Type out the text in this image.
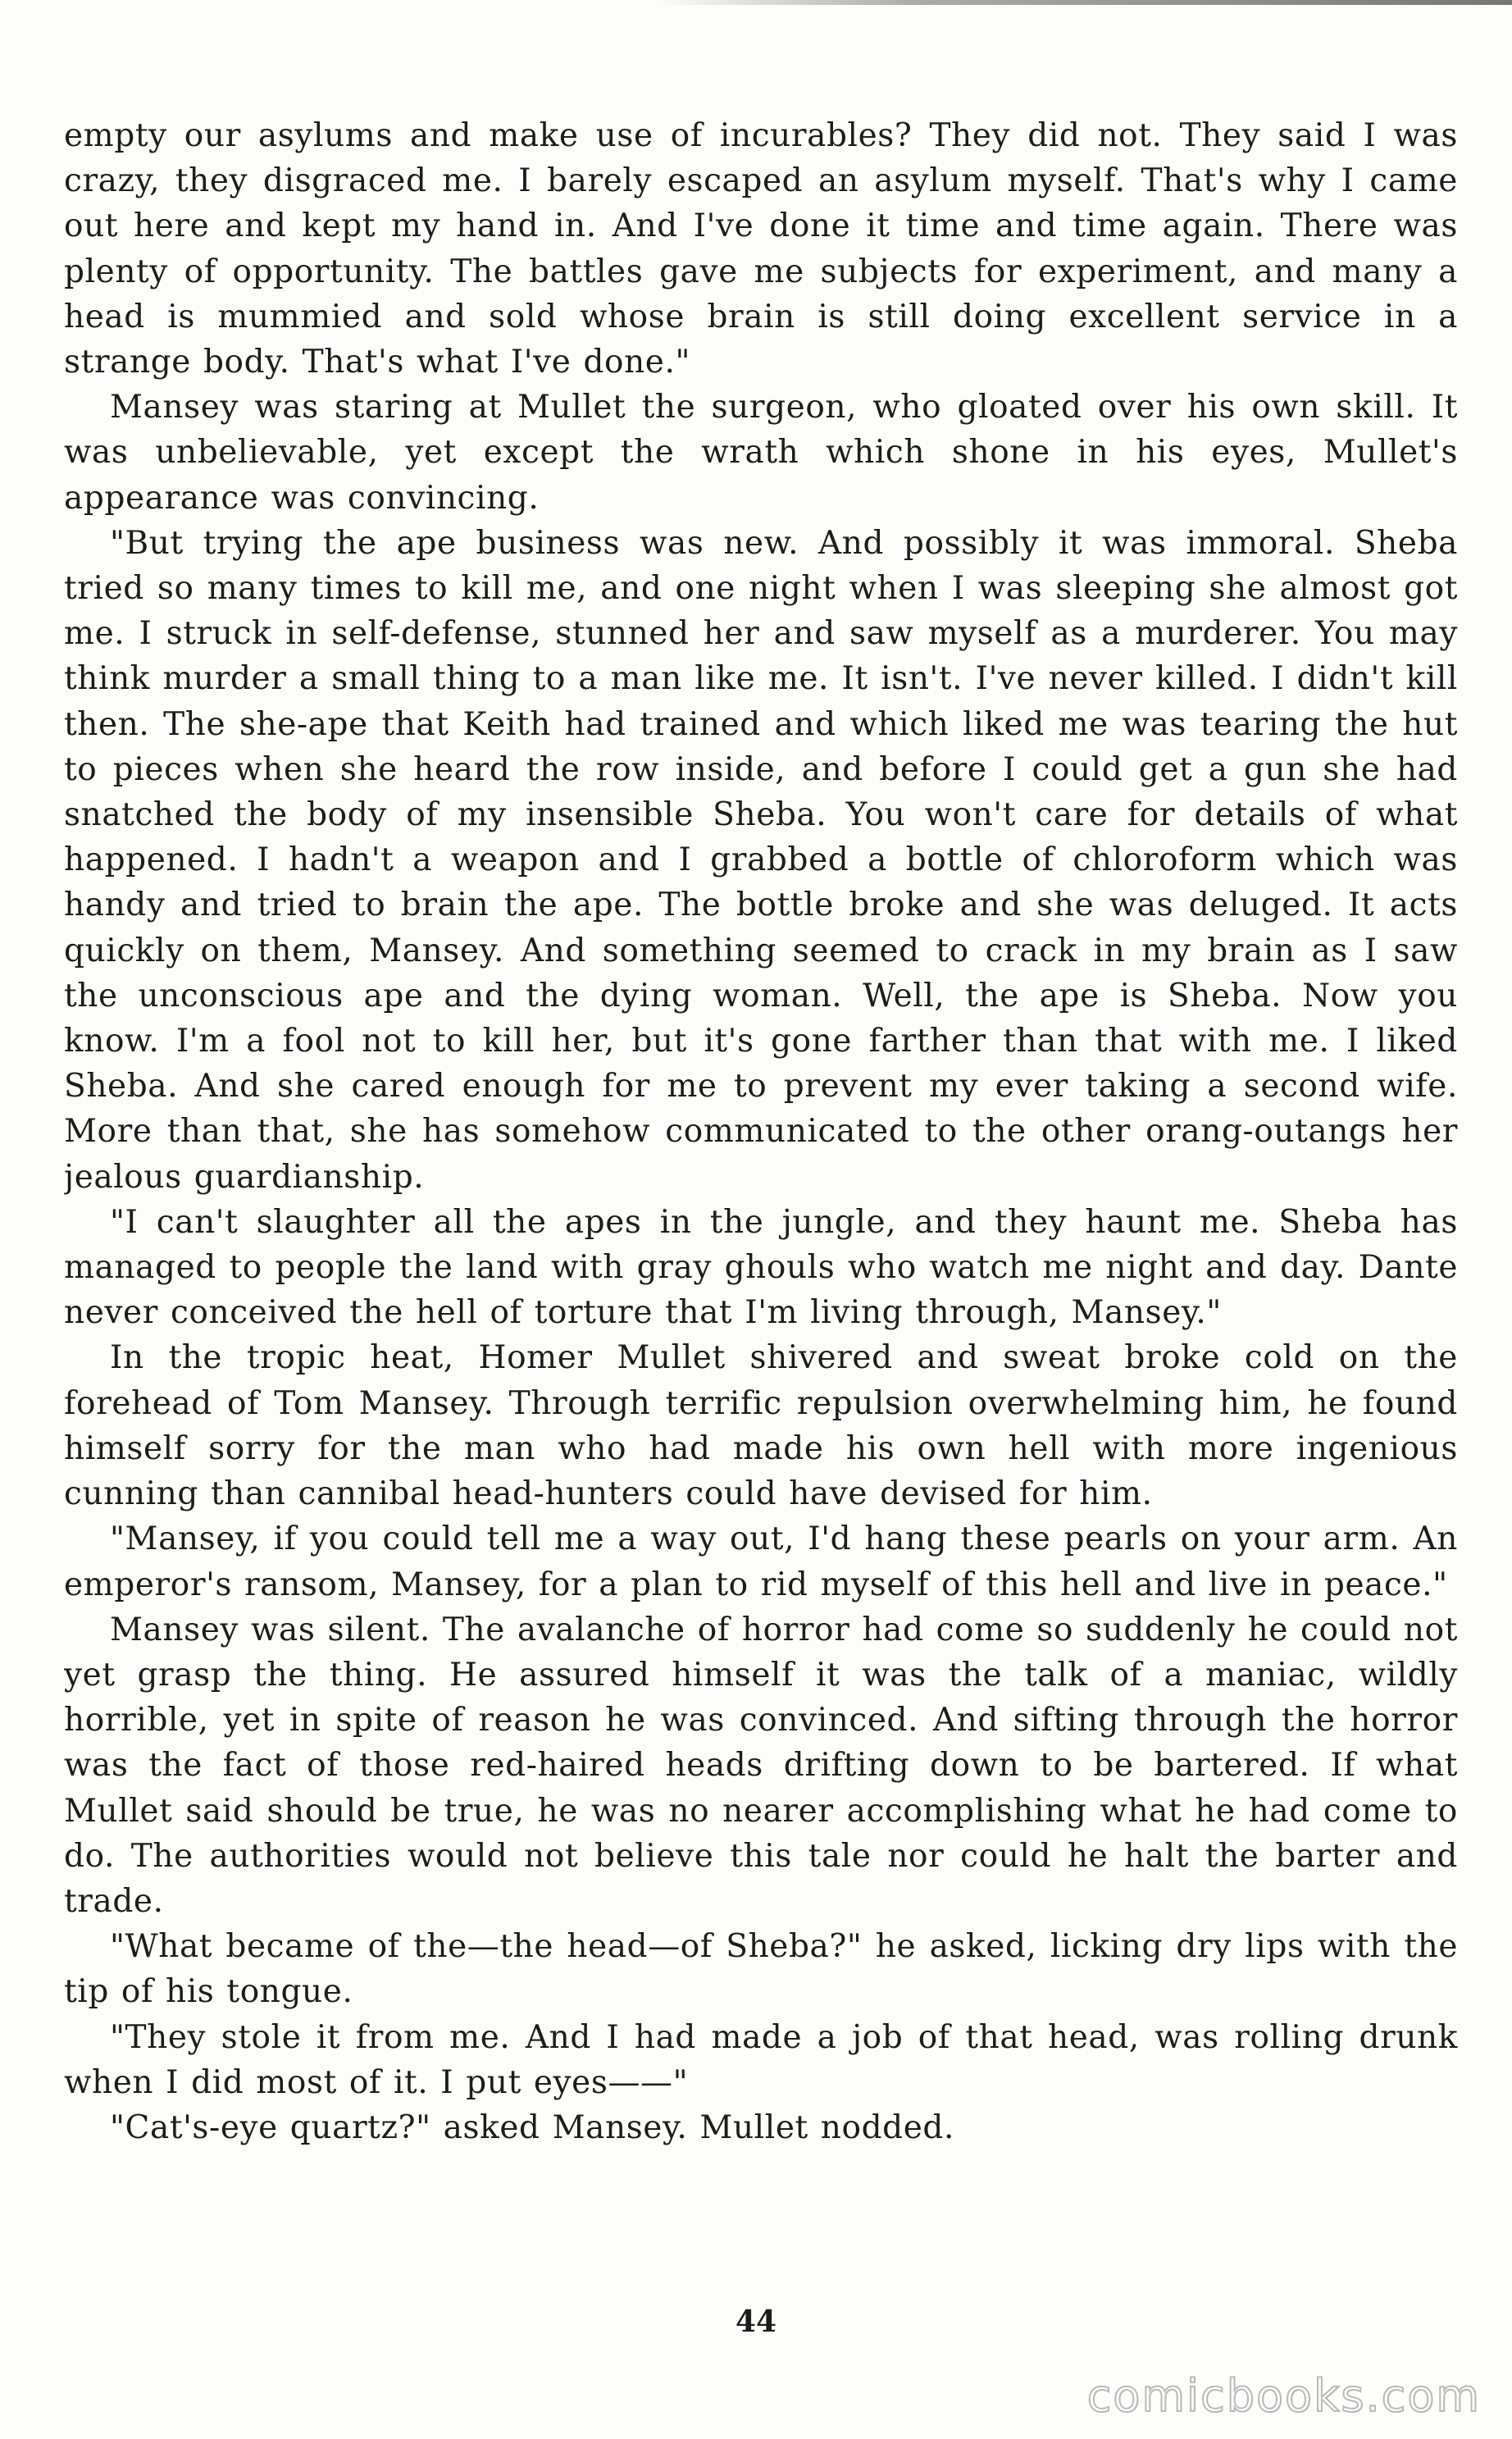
empty our asylums and make use of incurables? They did not. They said I was crazy, they disgraced me. I barely escaped an asylum myself. That's why I came out here and kept my hand in. And I've done it time and time again. There was plenty of opportunity. The battles gave me subjects for experiment, and many a head is mummied and sold whose brain is still doing excellent service in a strange body. That's what I've done."

Mansey was staring at Mullet the surgeon, who gloated over his own skill. It was unbelievable, yet except the wrath which shone in his eyes, Mullet's appearance was convincing.

"But trying the ape business was new. And possibly it was immoral. Sheba tried so many times to kill me, and one night when I was sleeping she almost got me. I struck in self-defense, stunned her and saw myself as a murderer. You may think murder a small thing to a man like me. It isn't. I've never killed. I didn't kill then. The she-ape that Keith had trained and which liked me was tearing the hut to pieces when she heard the row inside, and before I could get a gun she had snatched the body of my insensible Sheba. You won't care for details of what happened. I hadn't a weapon and I grabbed a bottle of chloroform which was handy and tried to brain the ape. The bottle broke and she was deluged. It acts quickly on them, Mansey. And something seemed to crack in my brain as I saw the unconscious ape and the dying woman. Well, the ape is Sheba. Now you know. I'm a fool not to kill her, but it's gone farther than that with me. I liked Sheba. And she cared enough for me to prevent my ever taking a second wife. More than that, she has somehow communicated to the other orang-outangs her jealous guardianship.

"I can't slaughter all the apes in the jungle, and they haunt me. Sheba has managed to people the land with gray ghouls who watch me night and day. Dante never conceived the hell of torture that I'm living through, Mansey."

In the tropic heat, Homer Mullet shivered and sweat broke cold on the forehead of Tom Mansey. Through terrific repulsion overwhelming him, he found himself sorry for the man who had made his own hell with more ingenious cunning than cannibal head-hunters could have devised for him.

"Mansey, if you could tell me a way out, I'd hang these pearls on your arm. An emperor's ransom, Mansey, for a plan to rid myself of this hell and live in peace."

Mansey was silent. The avalanche of horror had come so suddenly he could not yet grasp the thing. He assured himself it was the talk of a maniac, wildly horrible, yet in spite of reason he was convinced. And sifting through the horror was the fact of those red-haired heads drifting down to be bartered. If what Mullet said should be true, he was no nearer accomplishing what he had come to do. The authorities would not believe this tale nor could he halt the barter and trade.

"What became of the—the head—of Sheba?" he asked, licking dry lips with the tip of his tongue.

"They stole it from me. And I had made a job of that head, was rolling drunk when I did most of it. I put eyes——"

"Cat's-eye quartz?" asked Mansey. Mullet nodded.

44
comicbooks.com
